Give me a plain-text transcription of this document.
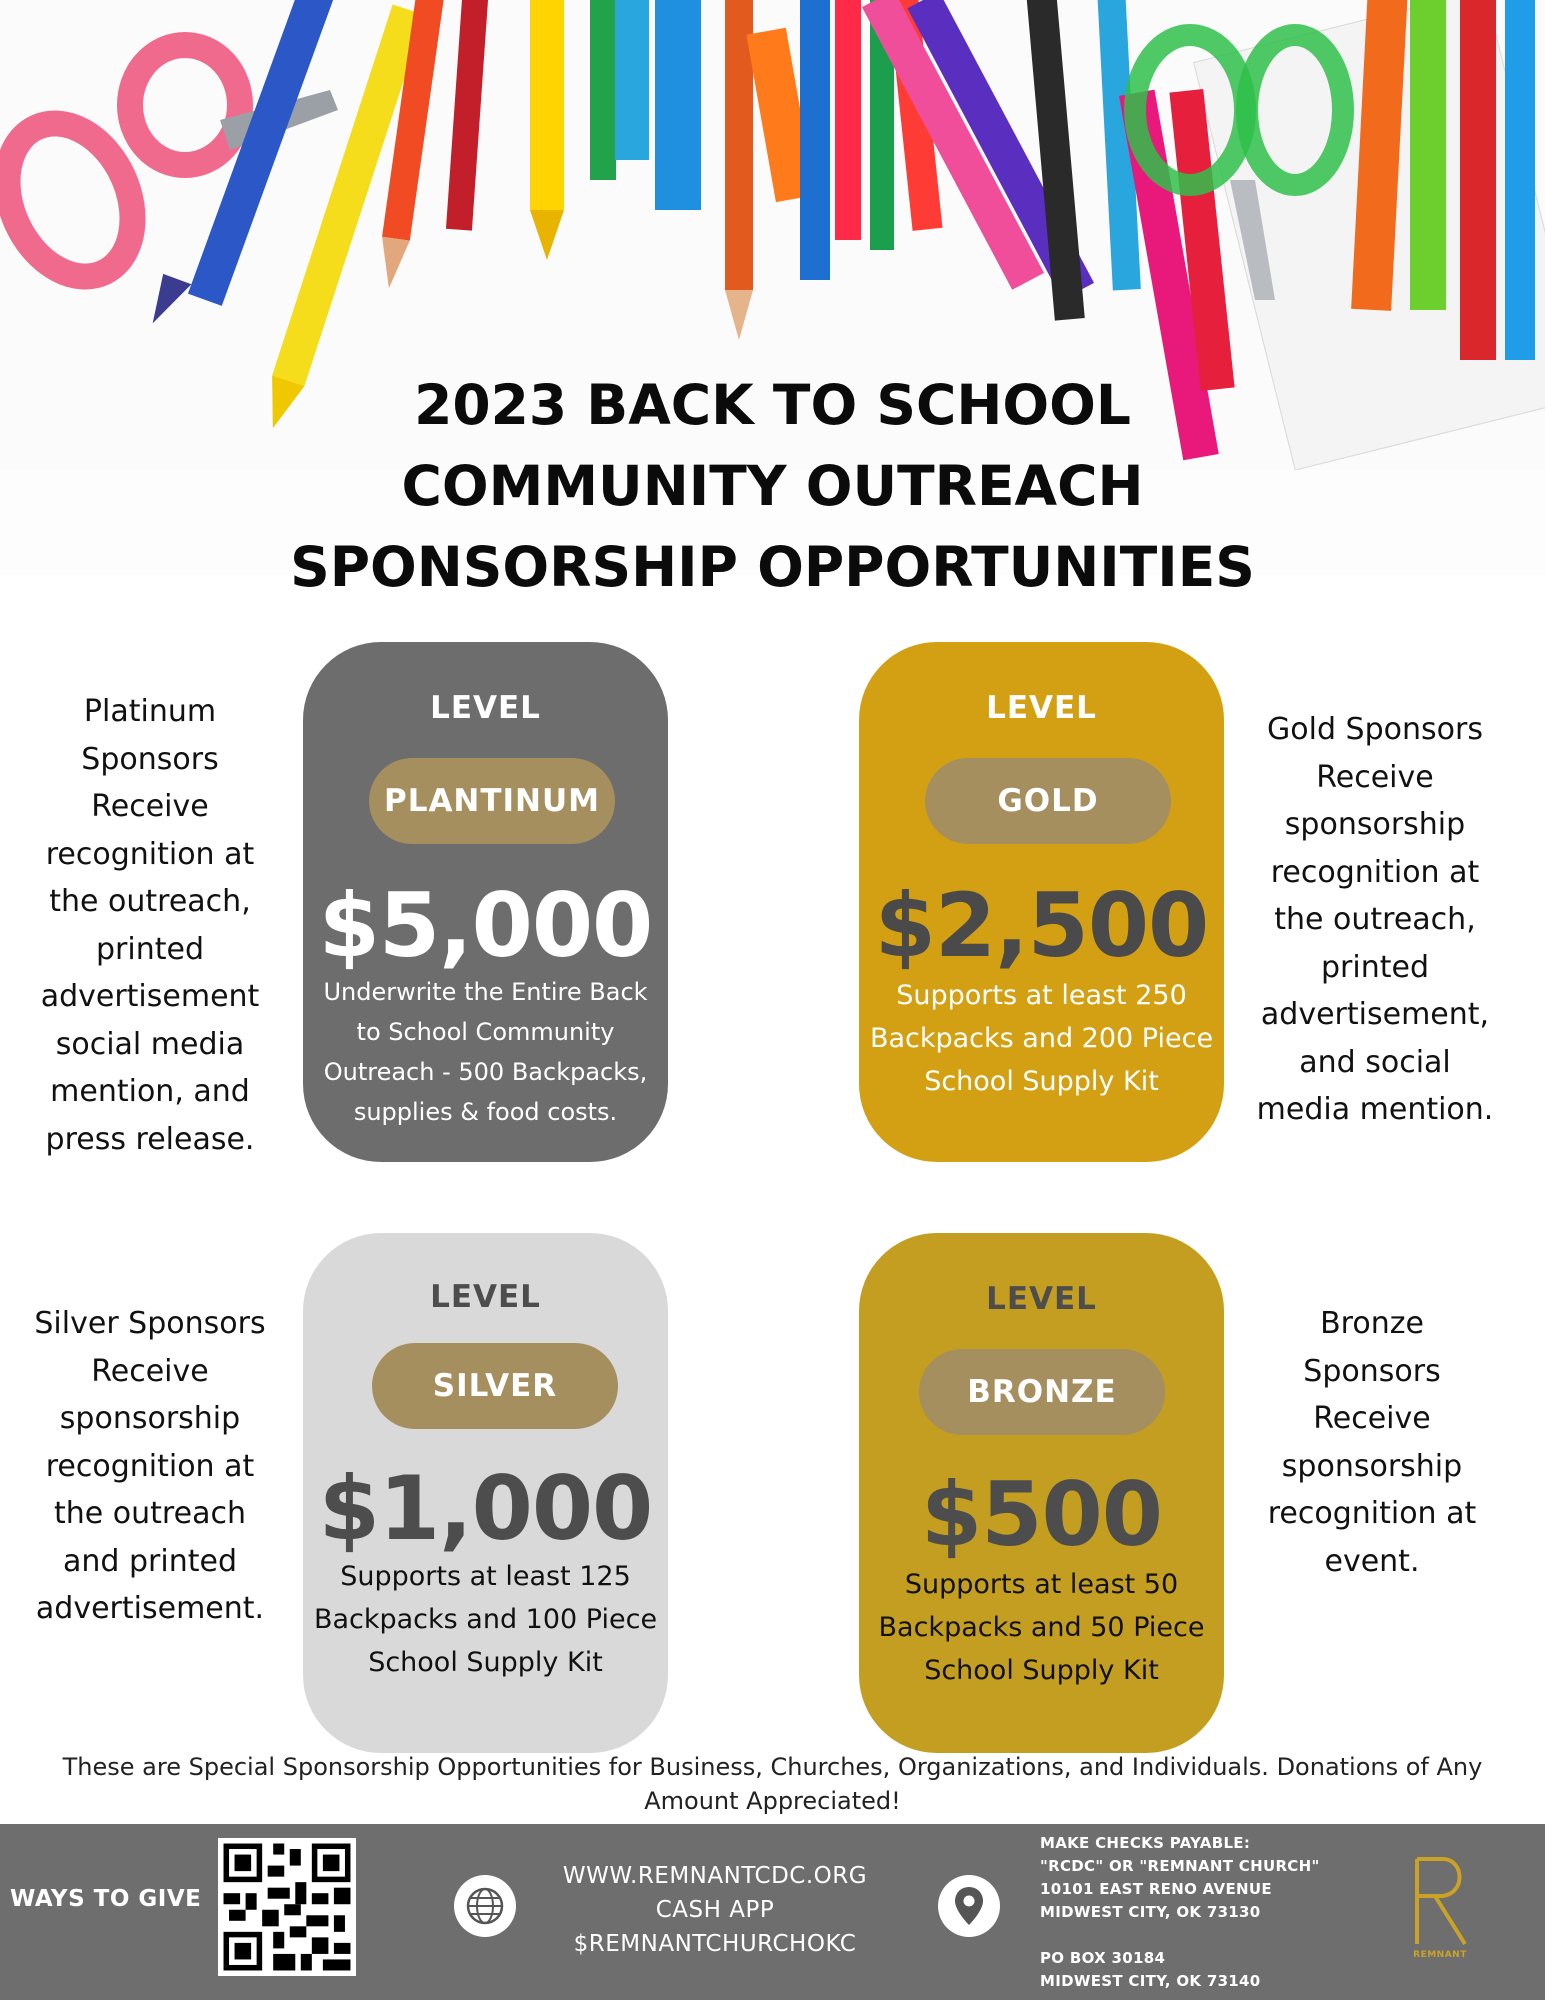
2023 BACK TO SCHOOL
COMMUNITY OUTREACH
SPONSORSHIP OPPORTUNITIES
Platinum Sponsors Receive recognition at the outreach, printed advertisement social media mention, and press release.
LEVEL
PLANTINUM
$5,000
Underwrite the Entire Back to School Community Outreach - 500 Backpacks, supplies & food costs.
LEVEL
GOLD
$2,500
Supports at least 250 Backpacks and 200 Piece School Supply Kit
Gold Sponsors Receive sponsorship recognition at the outreach, printed advertisement, and social media mention.
Silver Sponsors Receive sponsorship recognition at the outreach and printed advertisement.
LEVEL
SILVER
$1,000
Supports at least 125 Backpacks and 100 Piece School Supply Kit
LEVEL
BRONZE
$500
Supports at least 50 Backpacks and 50 Piece School Supply Kit
Bronze Sponsors Receive sponsorship recognition at event.
These are Special Sponsorship Opportunities for Business, Churches, Organizations, and Individuals. Donations of Any Amount Appreciated!
WAYS TO GIVE
WWW.REMNANTCDC.ORG
CASH APP
$REMNANTCHURCHOKC
MAKE CHECKS PAYABLE:
"RCDC" OR "REMNANT CHURCH"
10101 EAST RENO AVENUE
MIDWEST CITY, OK 73130
PO BOX 30184
MIDWEST CITY, OK 73140
REMNANT
